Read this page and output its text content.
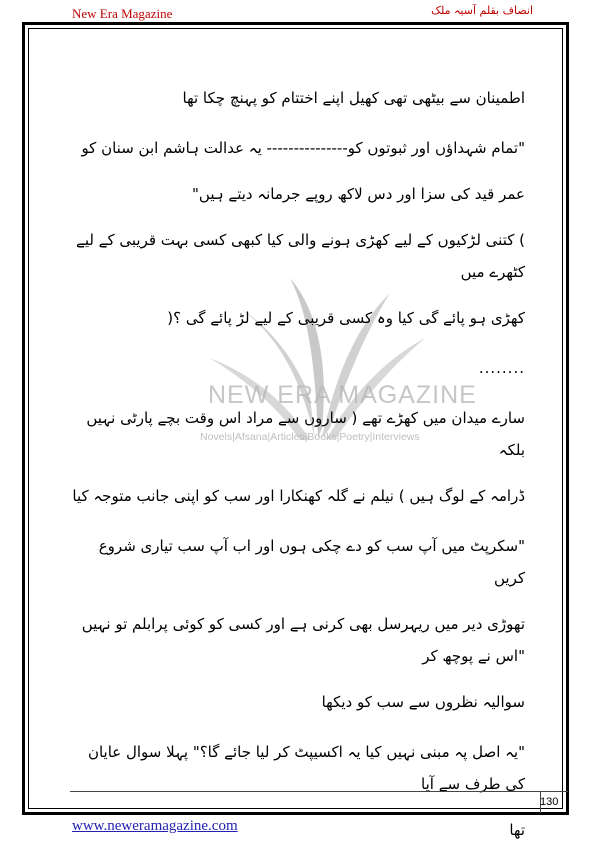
New Era Magazine	انصاف بقلم آسیہ ملک
NEW ERA MAGAZINE
Novels|Afsana|Articles|Books|Poetry|Interviews

اطمینان سے بیٹھی تھی کھیل اپنے اختتام کو پہنچ چکا تھا

"تمام شہداؤں اور ثبوتوں کو--------------- یہ عدالت ہاشم ابن سنان کو

عمر قید کی سزا اور دس لاکھ روپے جرمانہ دیتے ہیں"

) کتنی لڑکیوں کے لیے کھڑی ہونے والی کیا کبھی کسی بہت قریبی کے لیے کٹھرے میں

کھڑی ہو پائے گی کیا وہ کسی قریبی کے لیے لڑ پائے گی ؟(

........

سارے میدان میں کھڑے تھے ( ساروں سے مراد اس وقت بچے پارٹی نہیں بلکہ

ڈرامہ کے لوگ ہیں ) نیلم نے گلہ کھنکارا اور سب کو اپنی جانب متوجہ کیا

"سکرپٹ میں آپ سب کو دے چکی ہوں اور اب آپ سب تیاری شروع کریں

تھوڑی دیر میں ریہرسل بھی کرنی ہے اور کسی کو کوئی پرابلم تو نہیں "اس نے پوچھ کر

سوالیہ نظروں سے سب کو دیکھا

"یہ اصل پہ مبنی نہیں کیا یہ اکسیپٹ کر لیا جائے گا؟" پہلا سوال عایان کی طرف سے آیا

تھا

130
www.neweramagazine.com
